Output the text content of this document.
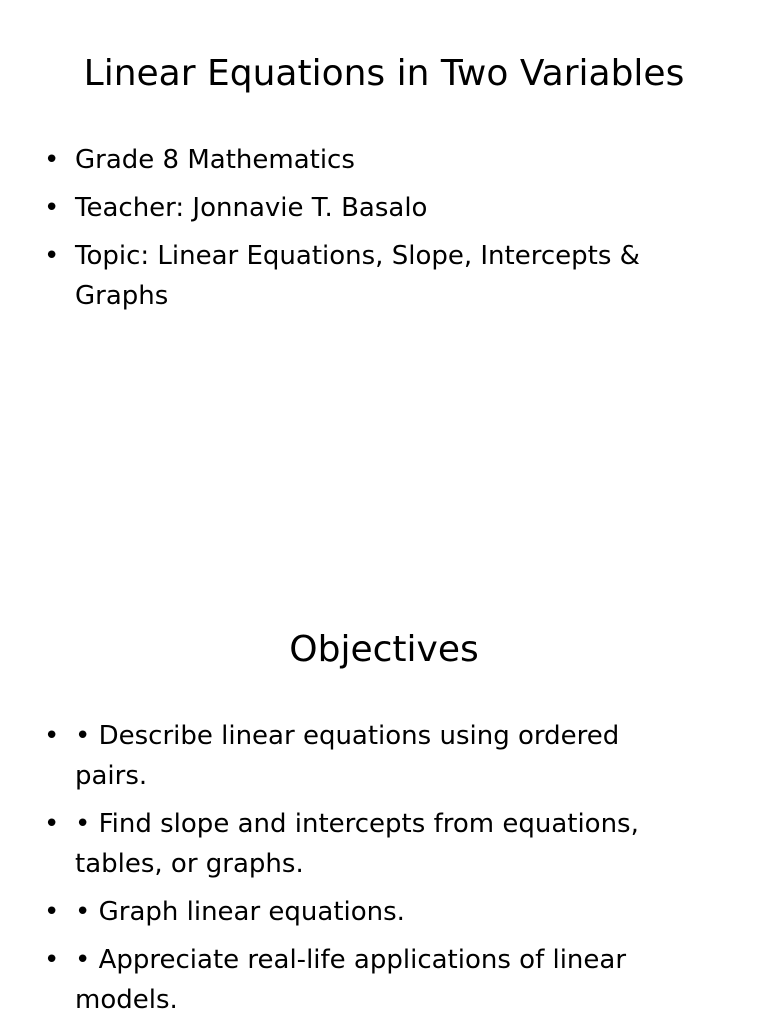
Linear Equations in Two Variables
• Grade 8 Mathematics
• Teacher: Jonnavie T. Basalo
• Topic: Linear Equations, Slope, Intercepts & Graphs
Objectives
• • Describe linear equations using ordered pairs.
• • Find slope and intercepts from equations, tables, or graphs.
• • Graph linear equations.
• • Appreciate real-life applications of linear models.
